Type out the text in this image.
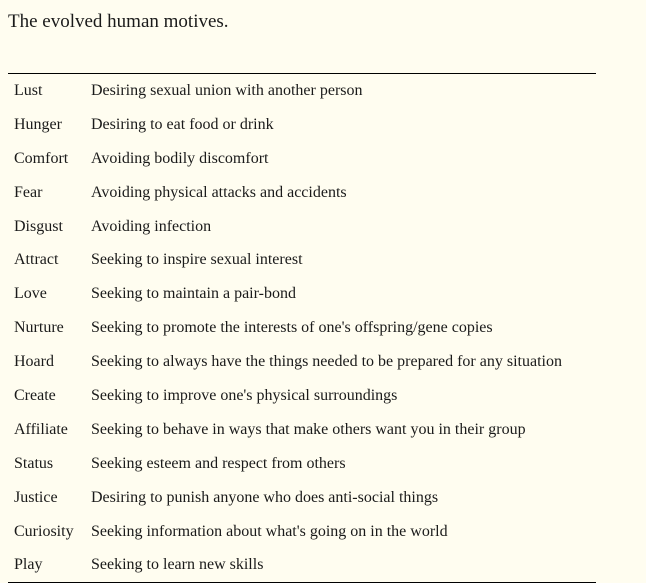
The evolved human motives.
Lust	Desiring sexual union with another person
Hunger	Desiring to eat food or drink
Comfort	Avoiding bodily discomfort
Fear	Avoiding physical attacks and accidents
Disgust	Avoiding infection
Attract	Seeking to inspire sexual interest
Love	Seeking to maintain a pair-bond
Nurture	Seeking to promote the interests of one's offspring/gene copies
Hoard	Seeking to always have the things needed to be prepared for any situation
Create	Seeking to improve one's physical surroundings
Affiliate	Seeking to behave in ways that make others want you in their group
Status	Seeking esteem and respect from others
Justice	Desiring to punish anyone who does anti-social things
Curiosity	Seeking information about what's going on in the world
Play	Seeking to learn new skills
